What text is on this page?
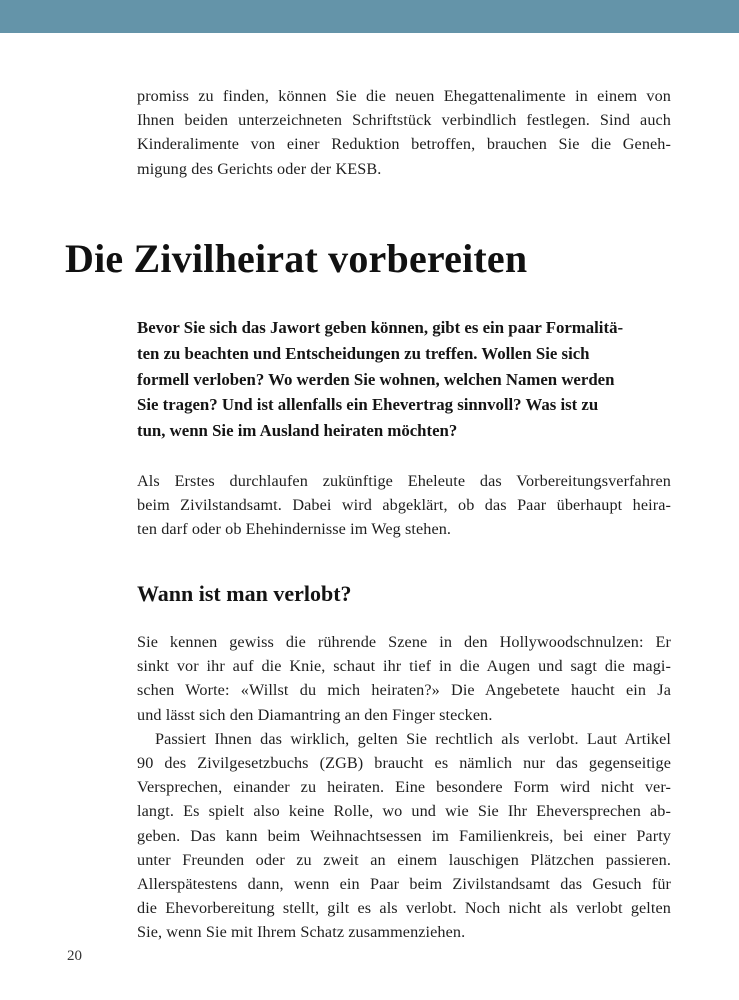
promiss zu finden, können Sie die neuen Ehegattenalimente in einem von
Ihnen beiden unterzeichneten Schriftstück verbindlich festlegen. Sind auch
Kinderalimente von einer Reduktion betroffen, brauchen Sie die Geneh-
migung des Gerichts oder der KESB.
Die Zivilheirat vorbereiten
Bevor Sie sich das Jawort geben können, gibt es ein paar Formalitä-
ten zu beachten und Entscheidungen zu treffen. Wollen Sie sich
formell verloben? Wo werden Sie wohnen, welchen Namen werden
Sie tragen? Und ist allenfalls ein Ehevertrag sinnvoll? Was ist zu
tun, wenn Sie im Ausland heiraten möchten?
Als Erstes durchlaufen zukünftige Eheleute das Vorbereitungsverfahren
beim Zivilstandsamt. Dabei wird abgeklärt, ob das Paar überhaupt heira-
ten darf oder ob Ehehindernisse im Weg stehen.
Wann ist man verlobt?
Sie kennen gewiss die rührende Szene in den Hollywoodschnulzen: Er
sinkt vor ihr auf die Knie, schaut ihr tief in die Augen und sagt die magi-
schen Worte: «Willst du mich heiraten?» Die Angebetete haucht ein Ja
und lässt sich den Diamantring an den Finger stecken.
Passiert Ihnen das wirklich, gelten Sie rechtlich als verlobt. Laut Artikel
90 des Zivilgesetzbuchs (ZGB) braucht es nämlich nur das gegenseitige
Versprechen, einander zu heiraten. Eine besondere Form wird nicht ver-
langt. Es spielt also keine Rolle, wo und wie Sie Ihr Eheversprechen ab-
geben. Das kann beim Weihnachtsessen im Familienkreis, bei einer Party
unter Freunden oder zu zweit an einem lauschigen Plätzchen passieren.
Allerspätestens dann, wenn ein Paar beim Zivilstandsamt das Gesuch für
die Ehevorbereitung stellt, gilt es als verlobt. Noch nicht als verlobt gelten
Sie, wenn Sie mit Ihrem Schatz zusammenziehen.
20
